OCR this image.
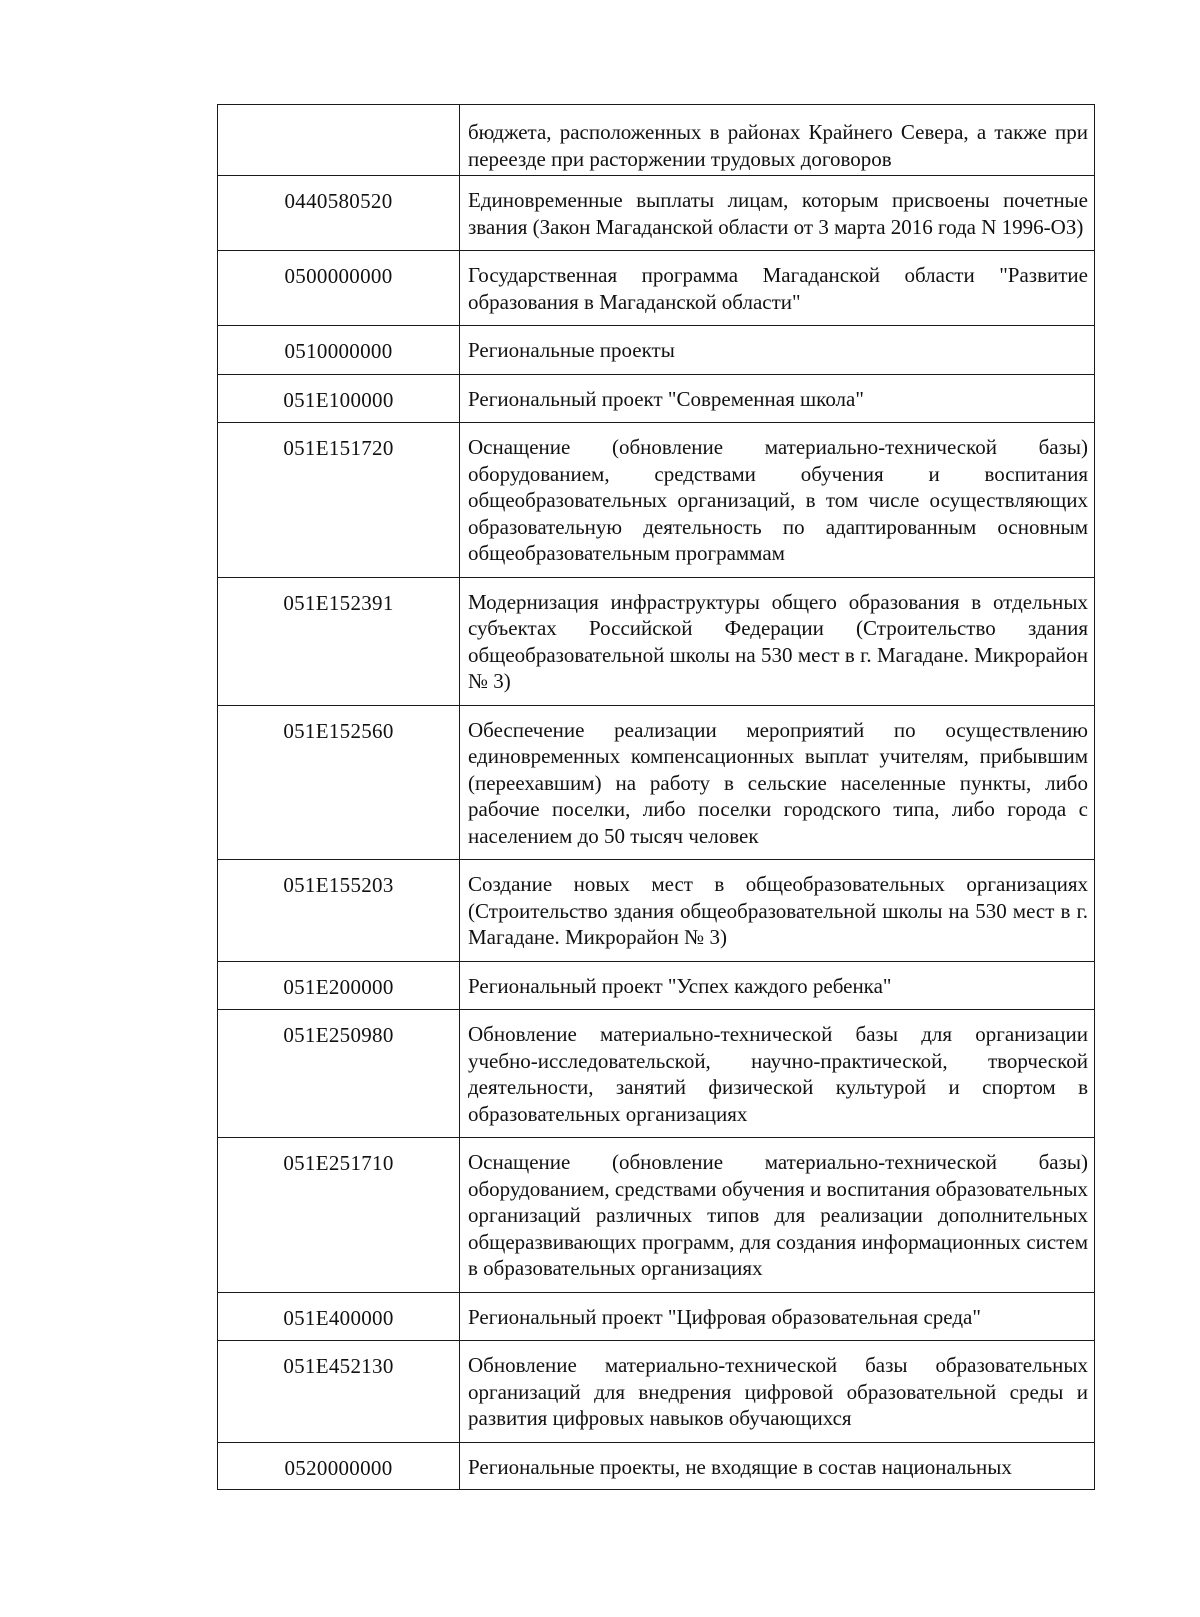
	бюджета, расположенных в районах Крайнего Севера, а также при переезде при расторжении трудовых договоров
0440580520	Единовременные выплаты лицам, которым присвоены почетные звания (Закон Магаданской области от 3 марта 2016 года N 1996-ОЗ)
0500000000	Государственная программа Магаданской области "Развитие образования в Магаданской области"
0510000000	Региональные проекты
051E100000	Региональный проект "Современная школа"
051E151720	Оснащение (обновление материально-технической базы) оборудованием, средствами обучения и воспитания общеобразовательных организаций, в том числе осуществляющих образовательную деятельность по адаптированным основным общеобразовательным программам
051E152391	Модернизация инфраструктуры общего образования в отдельных субъектах Российской Федерации (Строительство здания общеобразовательной школы на 530 мест в г. Магадане. Микрорайон № 3)
051E152560	Обеспечение реализации мероприятий по осуществлению единовременных компенсационных выплат учителям, прибывшим (переехавшим) на работу в сельские населенные пункты, либо рабочие поселки, либо поселки городского типа, либо города с населением до 50 тысяч человек
051E155203	Создание новых мест в общеобразовательных организациях (Строительство здания общеобразовательной школы на 530 мест в г. Магадане. Микрорайон № 3)
051E200000	Региональный проект "Успех каждого ребенка"
051E250980	Обновление материально-технической базы для организации учебно-исследовательской, научно-практической, творческой деятельности, занятий физической культурой и спортом в образовательных организациях
051E251710	Оснащение (обновление материально-технической базы) оборудованием, средствами обучения и воспитания образовательных организаций различных типов для реализации дополнительных общеразвивающих программ, для создания информационных систем в образовательных организациях
051E400000	Региональный проект "Цифровая образовательная среда"
051E452130	Обновление материально-технической базы образовательных организаций для внедрения цифровой образовательной среды и развития цифровых навыков обучающихся
0520000000	Региональные проекты, не входящие в состав национальных
